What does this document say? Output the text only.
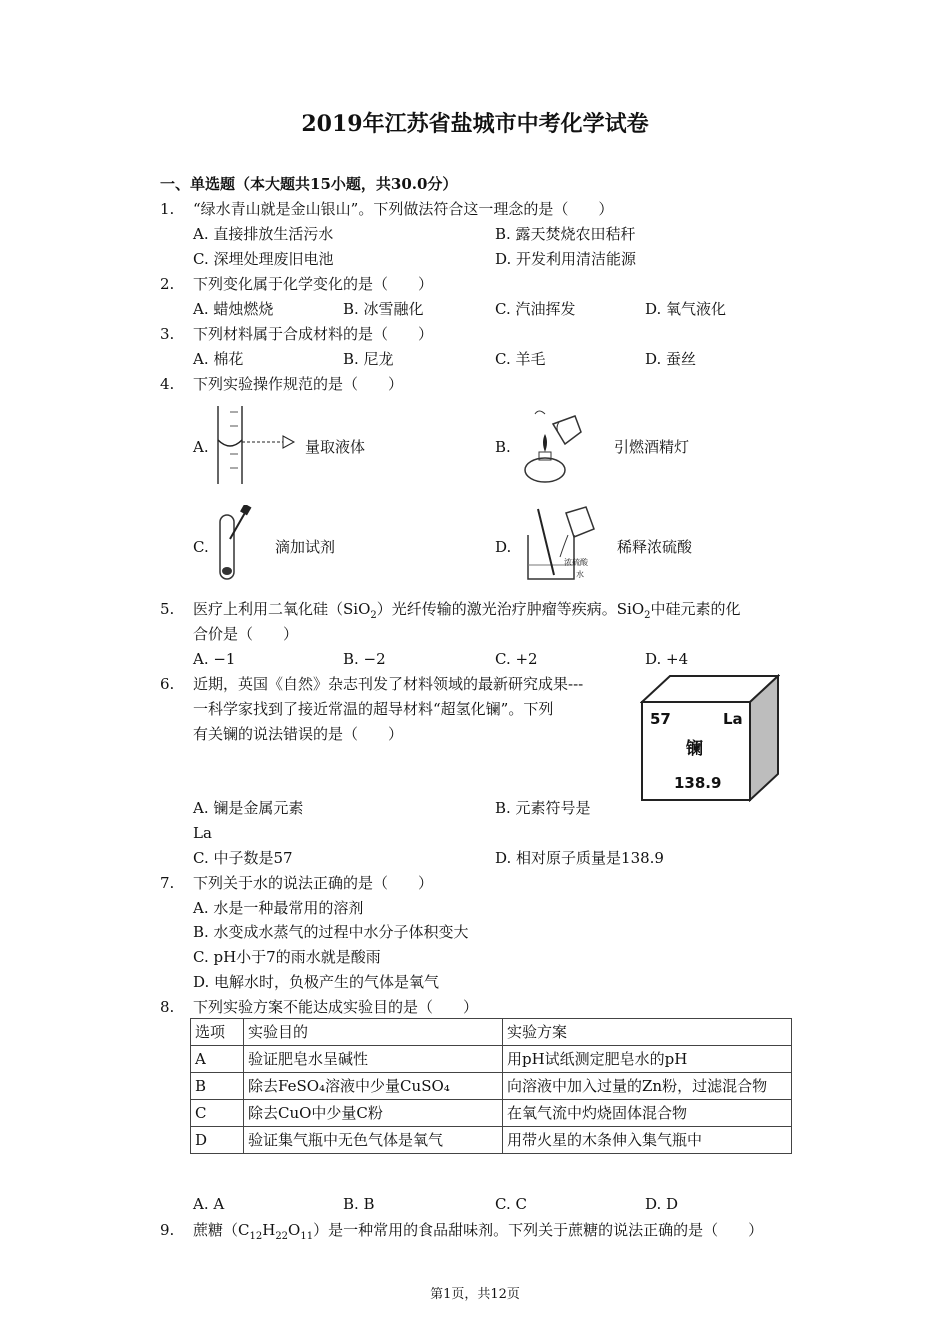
2019年江苏省盐城市中考化学试卷
一、单选题（本大题共15小题，共30.0分）
1. “绿水青山就是金山银山”。下列做法符合这一理念的是（　　）
A. 直接排放生活污水	B. 露天焚烧农田秸秆
C. 深埋处理废旧电池	D. 开发利用清洁能源
2. 下列变化属于化学变化的是（　　）
A. 蜡烛燃烧	B. 冰雪融化	C. 汽油挥发	D. 氧气液化
3. 下列材料属于合成材料的是（　　）
A. 棉花	B. 尼龙	C. 羊毛	D. 蚕丝
4. 下列实验操作规范的是（　　）
A.	量取液体	B.	引燃酒精灯
C.	滴加试剂	D.
浓硫酸
水
稀释浓硫酸
5. 医疗上利用二氧化硅（SiO$_2$）光纤传输的激光治疗肿瘤等疾病。SiO$_2$中硅元素的化
合价是（　　）
A. −1	B. −2	C. +2	D. +4
6. 近期，英国《自然》杂志刊发了材料领域的最新研究成果---
一科学家找到了接近常温的超导材料“超氢化镧”。下列
有关镧的说法错误的是（　　）
57	La
镧
138.9
A. 镧是金属元素	B. 元素符号是
La
C. 中子数是57	D. 相对原子质量是138.9
7. 下列关于水的说法正确的是（　　）
A. 水是一种最常用的溶剂
B. 水变成水蒸气的过程中水分子体积变大
C. pH小于7的雨水就是酸雨
D. 电解水时，负极产生的气体是氧气
8. 下列实验方案不能达成实验目的是（　　）
选项	实验目的	实验方案
A	验证肥皂水呈碱性	用pH试纸测定肥皂水的pH
B	除去FeSO₄溶液中少量CuSO₄	向溶液中加入过量的Zn粉，过滤混合物
C	除去CuO中少量C粉	在氧气流中灼烧固体混合物
D	验证集气瓶中无色气体是氧气	用带火星的木条伸入集气瓶中
A. A	B. B	C. C	D. D
9. 蔗糖$(C_{12}H_{22}O_{11})$是一种常用的食品甜味剂。下列关于蔗糖的说法正确的是（　　）
第1页，共12页
